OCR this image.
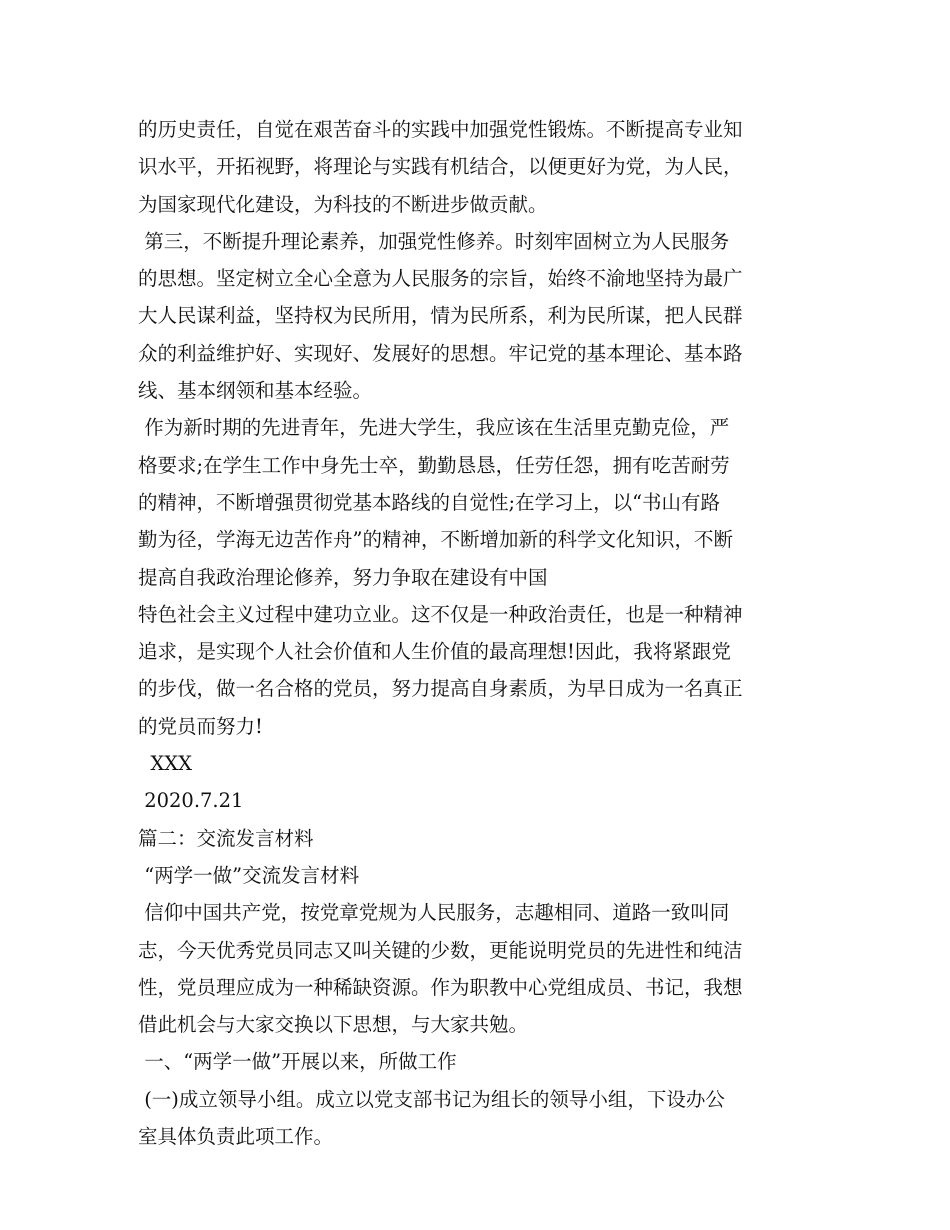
的历史责任，自觉在艰苦奋斗的实践中加强党性锻炼。不断提高专业知
识水平，开拓视野，将理论与实践有机结合，以便更好为党，为人民，
为国家现代化建设，为科技的不断进步做贡献。
第三，不断提升理论素养，加强党性修养。时刻牢固树立为人民服务
的思想。坚定树立全心全意为人民服务的宗旨，始终不渝地坚持为最广
大人民谋利益，坚持权为民所用，情为民所系，利为民所谋，把人民群
众的利益维护好、实现好、发展好的思想。牢记党的基本理论、基本路
线、基本纲领和基本经验。
作为新时期的先进青年，先进大学生，我应该在生活里克勤克俭，严
格要求;在学生工作中身先士卒，勤勤恳恳，任劳任怨，拥有吃苦耐劳
的精神，不断增强贯彻党基本路线的自觉性;在学习上，以“书山有路
勤为径，学海无边苦作舟”的精神，不断增加新的科学文化知识，不断
提高自我政治理论修养，努力争取在建设有中国
特色社会主义过程中建功立业。这不仅是一种政治责任，也是一种精神
追求，是实现个人社会价值和人生价值的最高理想!因此，我将紧跟党
的步伐，做一名合格的党员，努力提高自身素质，为早日成为一名真正
的党员而努力!
XXX
2020.7.21
篇二：交流发言材料
“两学一做”交流发言材料
信仰中国共产党，按党章党规为人民服务，志趣相同、道路一致叫同
志，今天优秀党员同志又叫关键的少数，更能说明党员的先进性和纯洁
性，党员理应成为一种稀缺资源。作为职教中心党组成员、书记，我想
借此机会与大家交换以下思想，与大家共勉。
一、“两学一做”开展以来，所做工作
(一)成立领导小组。成立以党支部书记为组长的领导小组，下设办公
室具体负责此项工作。
